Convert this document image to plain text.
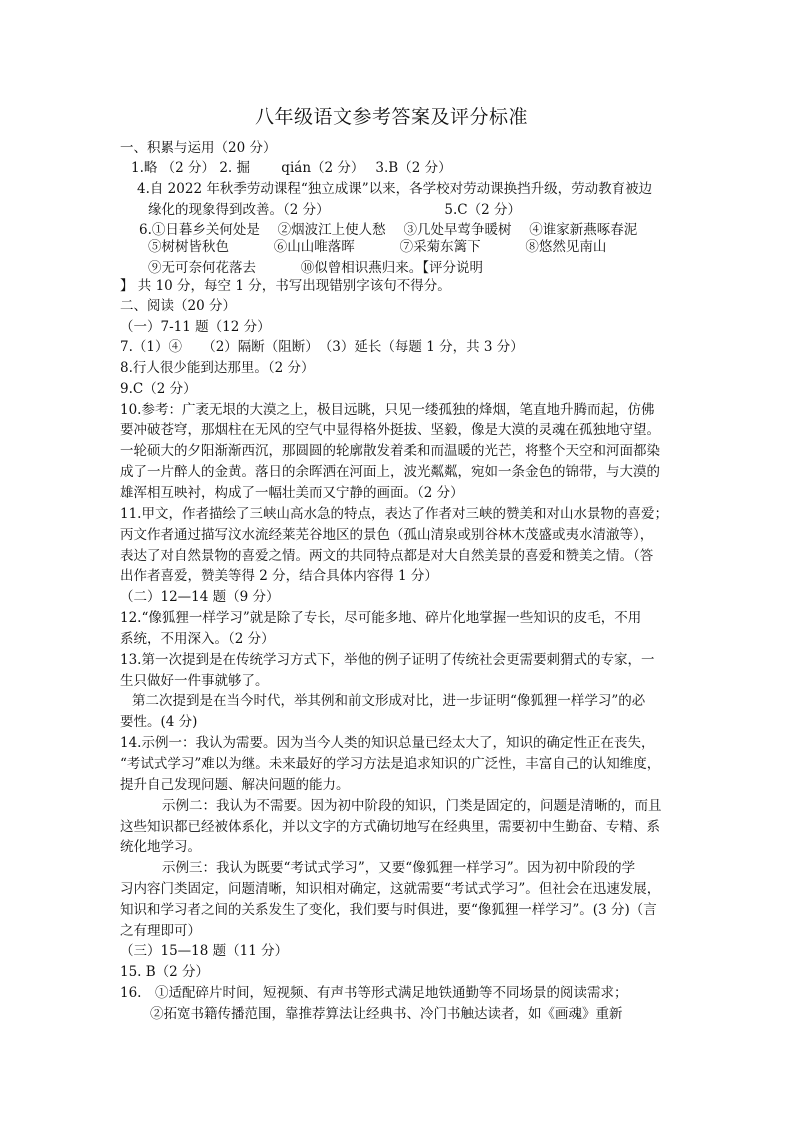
八年级语文参考答案及评分标准
一、积累与运用（20 分）
1.略 （2 分） 2. 掘　　 qián（2 分）　 3.B（2 分）
4.自 2022 年秋季劳动课程“独立成课”以来，各学校对劳动课换挡升级，劳动教育被边
缘化的现象得到改善。（2 分）　　　　　　　　　5.C（2 分）
6.①日暮乡关何处是　 ②烟波江上使人愁　 ③几处早莺争暖树　 ④谁家新燕啄春泥
⑤树树皆秋色　　　 ⑥山山唯落晖　　　 ⑦采菊东篱下　　　 ⑧悠然见南山
⑨无可奈何花落去　　　 ⑩似曾相识燕归来。【评分说明
】 共 10 分，每空 1 分，书写出现错别字该句不得分。
二、阅读（20 分）
（一）7-11 题（12 分）
7.（1）④　　（2）隔断（阻断）　（3）延长（每题 1 分，共 3 分）
8.行人很少能到达那里。（2 分）
9.C（2 分）
10.参考：广袤无垠的大漠之上，极目远眺，只见一缕孤独的烽烟，笔直地升腾而起，仿佛
要冲破苍穹，那烟柱在无风的空气中显得格外挺拔、坚毅，像是大漠的灵魂在孤独地守望。
一轮硕大的夕阳渐渐西沉，那圆圆的轮廓散发着柔和而温暖的光芒，将整个天空和河面都染
成了一片醉人的金黄。落日的余晖洒在河面上，波光粼粼，宛如一条金色的锦带，与大漠的
雄浑相互映衬，构成了一幅壮美而又宁静的画面。（2 分）
11.甲文，作者描绘了三峡山高水急的特点，表达了作者对三峡的赞美和对山水景物的喜爱；
丙文作者通过描写汶水流经莱芜谷地区的景色（孤山清泉或别谷林木茂盛或夷水清澈等），
表达了对自然景物的喜爱之情。两文的共同特点都是对大自然美景的喜爱和赞美之情。（答
出作者喜爱，赞美等得 2 分，结合具体内容得 1 分）
（二）12—14 题（9 分）
12.“像狐狸一样学习”就是除了专长，尽可能多地、碎片化地掌握一些知识的皮毛，不用
系统，不用深入。（2 分）
13.第一次提到是在传统学习方式下，举他的例子证明了传统社会更需要刺猬式的专家，一
生只做好一件事就够了。
第二次提到是在当今时代，举其例和前文形成对比，进一步证明“像狐狸一样学习”的必
要性。(4 分)
14.示例一：我认为需要。因为当今人类的知识总量已经太大了，知识的确定性正在丧失，
“考试式学习”难以为继。未来最好的学习方法是追求知识的广泛性，丰富自己的认知维度，
提升自己发现问题、解决问题的能力。
示例二：我认为不需要。因为初中阶段的知识，门类是固定的，问题是清晰的，而且
这些知识都已经被体系化，并以文字的方式确切地写在经典里，需要初中生勤奋、专精、系
统化地学习。
示例三：我认为既要“考试式学习”，又要“像狐狸一样学习”。因为初中阶段的学
习内容门类固定，问题清晰，知识相对确定，这就需要“考试式学习”。但社会在迅速发展，
知识和学习者之间的关系发生了变化，我们要与时俱进，要“像狐狸一样学习”。(3 分)（言
之有理即可）
（三）15—18 题（11 分）
15. B（2 分）
16.　①适配碎片时间，短视频、有声书等形式满足地铁通勤等不同场景的阅读需求；
②拓宽书籍传播范围，靠推荐算法让经典书、冷门书触达读者，如《画魂》重新
